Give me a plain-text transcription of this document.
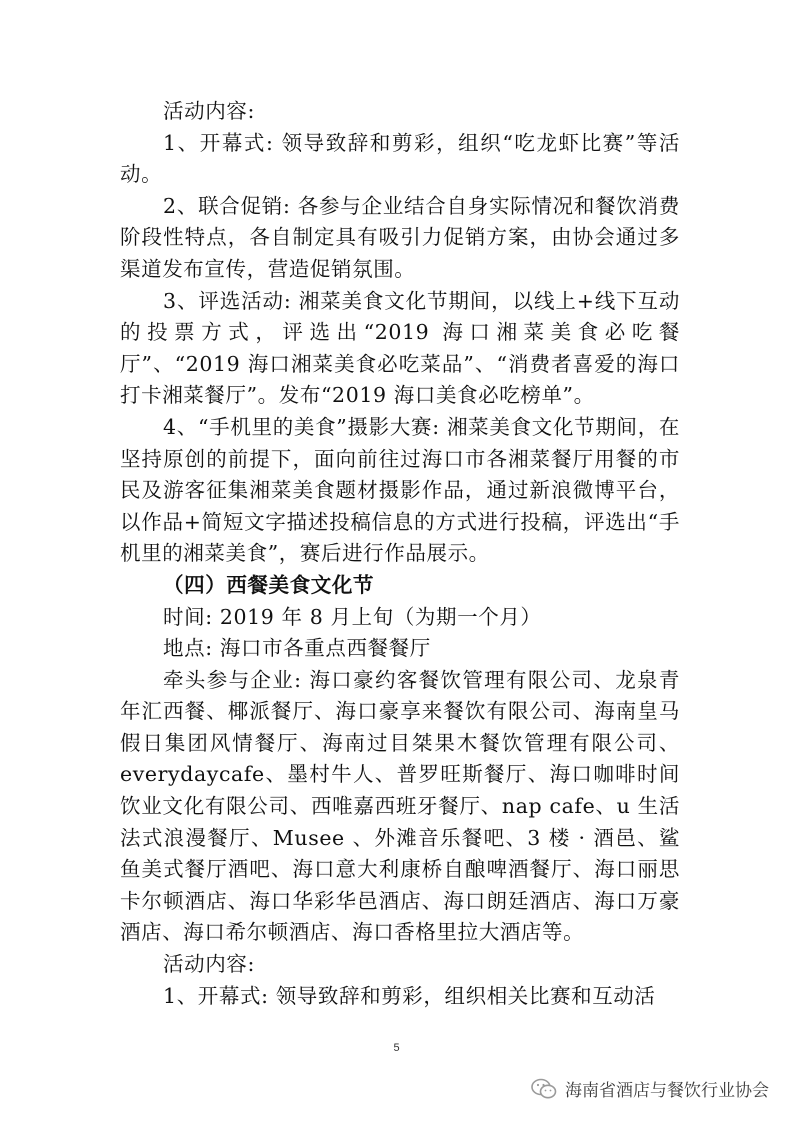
活动内容:

1、开幕式: 领导致辞和剪彩，组织“吃龙虾比赛”等活动。

2、联合促销: 各参与企业结合自身实际情况和餐饮消费阶段性特点，各自制定具有吸引力促销方案，由协会通过多渠道发布宣传，营造促销氛围。

3、评选活动: 湘菜美食文化节期间，以线上+线下互动的投票方式，评选出“2019 海口湘菜美食必吃餐厅”、“2019 海口湘菜美食必吃菜品”、“消费者喜爱的海口打卡湘菜餐厅”。发布“2019 海口美食必吃榜单”。

4、“手机里的美食”摄影大赛: 湘菜美食文化节期间，在坚持原创的前提下，面向前往过海口市各湘菜餐厅用餐的市民及游客征集湘菜美食题材摄影作品，通过新浪微博平台，以作品+简短文字描述投稿信息的方式进行投稿，评选出“手机里的湘菜美食”，赛后进行作品展示。

（四）西餐美食文化节

时间: 2019 年 8 月上旬（为期一个月）

地点: 海口市各重点西餐餐厅

牵头参与企业: 海口豪约客餐饮管理有限公司、龙泉青年汇西餐、椰派餐厅、海口豪享来餐饮有限公司、海南皇马假日集团风情餐厅、海南过目桀果木餐饮管理有限公司、everydaycafe、墨村牛人、普罗旺斯餐厅、海口咖啡时间饮业文化有限公司、西唯嘉西班牙餐厅、nap cafe、u 生活法式浪漫餐厅、Musee 、外滩音乐餐吧、3 楼 · 酒邑、鲨鱼美式餐厅酒吧、海口意大利康桥自酿啤酒餐厅、海口丽思卡尔顿酒店、海口华彩华邑酒店、海口朗廷酒店、海口万豪酒店、海口希尔顿酒店、海口香格里拉大酒店等。

活动内容:

1、开幕式: 领导致辞和剪彩，组织相关比赛和互动活

5
海南省酒店与餐饮行业协会
